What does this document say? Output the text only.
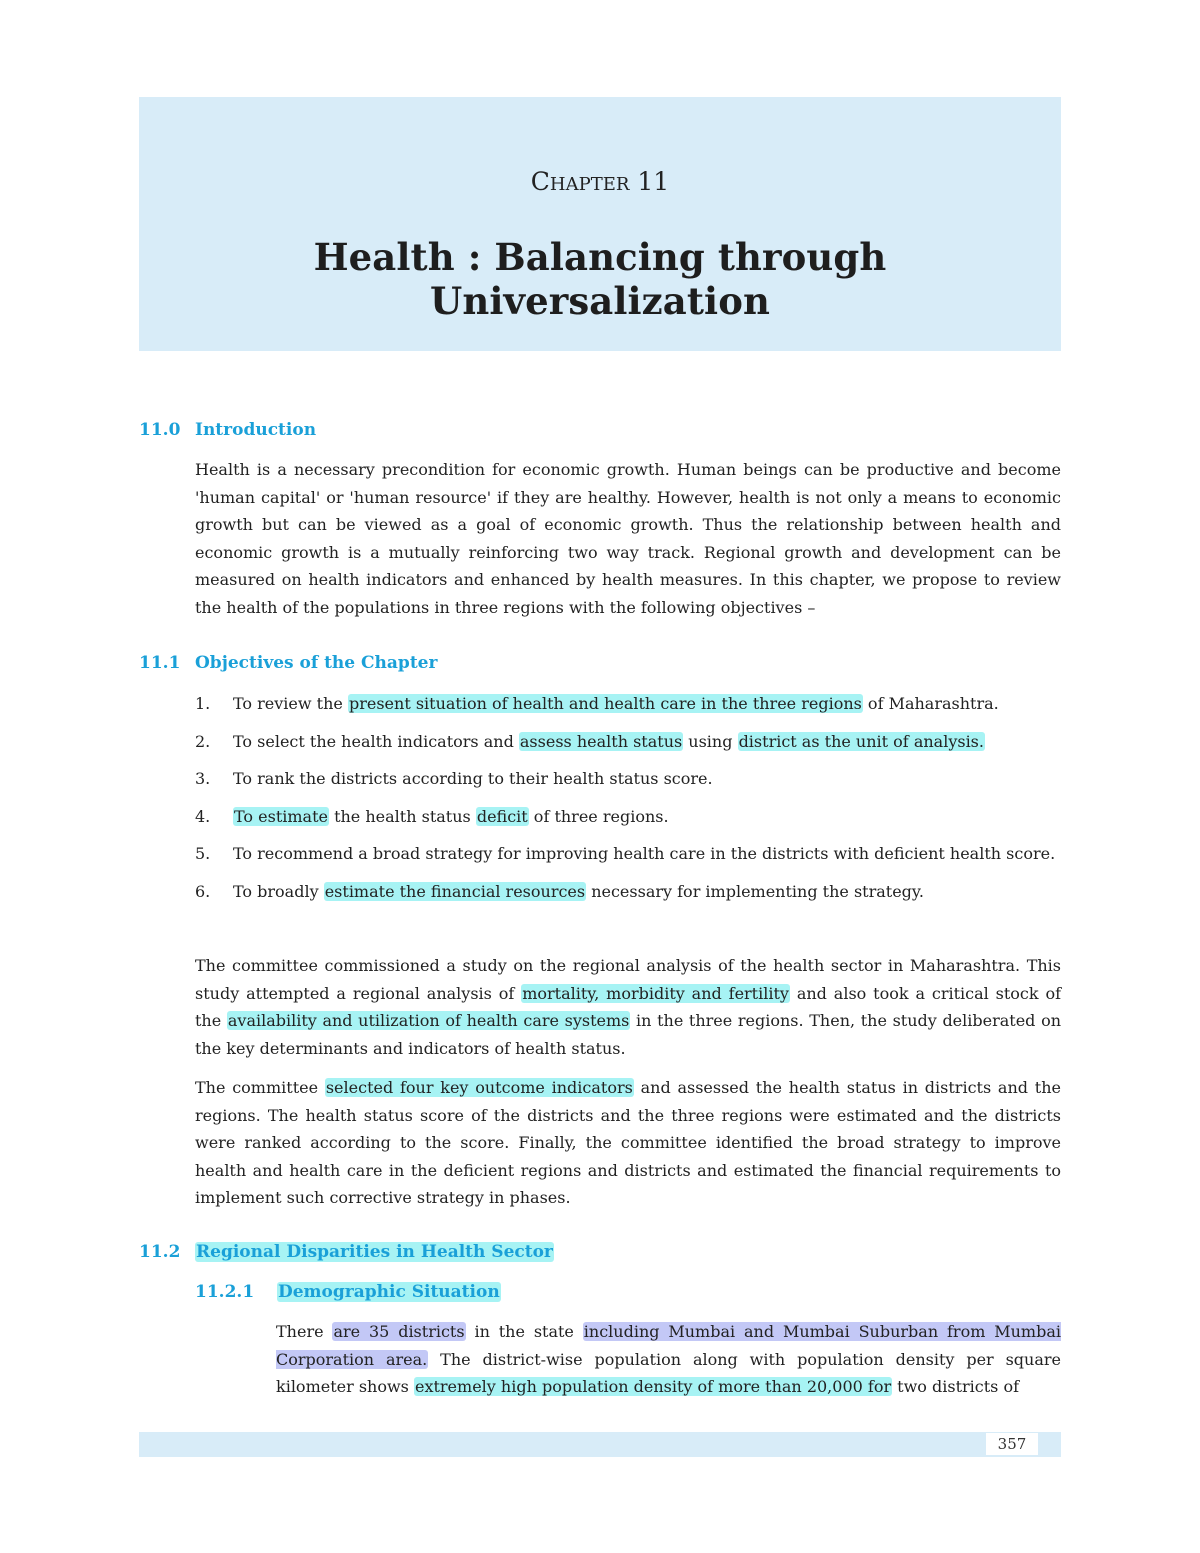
Chapter 11
Health : Balancing through Universalization
11.0 Introduction
Health is a necessary precondition for economic growth. Human beings can be productive and become 'human capital' or 'human resource' if they are healthy. However, health is not only a means to economic growth but can be viewed as a goal of economic growth. Thus the relationship between health and economic growth is a mutually reinforcing two way track. Regional growth and development can be measured on health indicators and enhanced by health measures. In this chapter, we propose to review the health of the populations in three regions with the following objectives –
11.1 Objectives of the Chapter
1. To review the present situation of health and health care in the three regions of Maharashtra.
2. To select the health indicators and assess health status using district as the unit of analysis.
3. To rank the districts according to their health status score.
4. To estimate the health status deficit of three regions.
5. To recommend a broad strategy for improving health care in the districts with deficient health score.
6. To broadly estimate the financial resources necessary for implementing the strategy.
The committee commissioned a study on the regional analysis of the health sector in Maharashtra. This study attempted a regional analysis of mortality, morbidity and fertility and also took a critical stock of the availability and utilization of health care systems in the three regions. Then, the study deliberated on the key determinants and indicators of health status.
The committee selected four key outcome indicators and assessed the health status in districts and the regions. The health status score of the districts and the three regions were estimated and the districts were ranked according to the score. Finally, the committee identified the broad strategy to improve health and health care in the deficient regions and districts and estimated the financial requirements to implement such corrective strategy in phases.
11.2 Regional Disparities in Health Sector
11.2.1 Demographic Situation
There are 35 districts in the state including Mumbai and Mumbai Suburban from Mumbai Corporation area. The district-wise population along with population density per square kilometer shows extremely high population density of more than 20,000 for two districts of
357
